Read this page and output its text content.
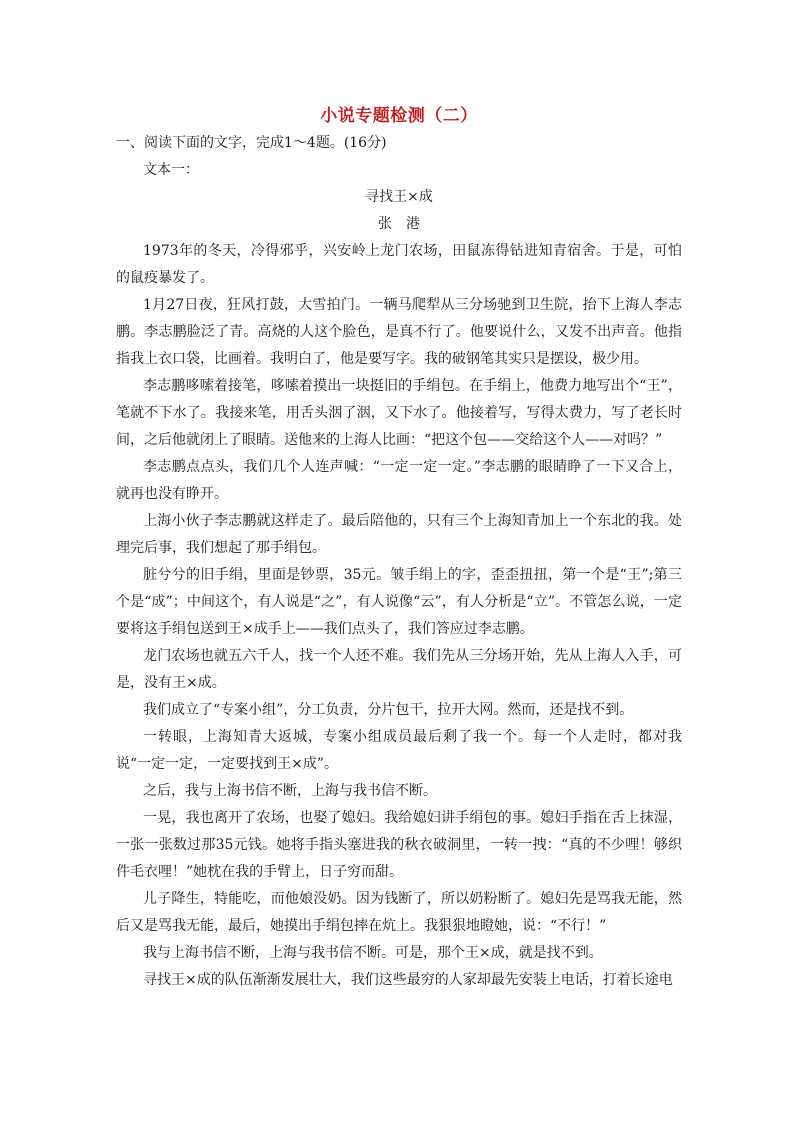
小说专题检测（二）
一、阅读下面的文字，完成1～4题。(16分)
文本一：
寻找王×成
张港

1973年的冬天，冷得邪乎，兴安岭上龙门农场，田鼠冻得钻进知青宿舍。于是，可怕的鼠疫暴发了。

1月27日夜，狂风打鼓，大雪拍门。一辆马爬犁从三分场驰到卫生院，抬下上海人李志鹏。李志鹏脸泛了青。高烧的人这个脸色，是真不行了。他要说什么，又发不出声音。他指指我上衣口袋，比画着。我明白了，他是要写字。我的破钢笔其实只是摆设，极少用。

李志鹏哆嗦着接笔，哆嗦着摸出一块挺旧的手绢包。在手绢上，他费力地写出个“王”，笔就不下水了。我接来笔，用舌头洇了洇，又下水了。他接着写，写得太费力，写了老长时间，之后他就闭上了眼睛。送他来的上海人比画：“把这个包——交给这个人——对吗？”

李志鹏点点头，我们几个人连声喊：“一定一定一定。”李志鹏的眼睛睁了一下又合上，就再也没有睁开。

上海小伙子李志鹏就这样走了。最后陪他的，只有三个上海知青加上一个东北的我。处理完后事，我们想起了那手绢包。

脏兮兮的旧手绢，里面是钞票，35元。皱手绢上的字，歪歪扭扭，第一个是“王”;第三个是“成”；中间这个，有人说是“之”，有人说像“云”，有人分析是“立”。不管怎么说，一定要将这手绢包送到王×成手上——我们点头了，我们答应过李志鹏。

龙门农场也就五六千人，找一个人还不难。我们先从三分场开始，先从上海人入手，可是，没有王×成。

我们成立了“专案小组”，分工负责，分片包干，拉开大网。然而，还是找不到。

一转眼，上海知青大返城，专案小组成员最后剩了我一个。每一个人走时，都对我说“一定一定，一定要找到王×成”。

之后，我与上海书信不断，上海与我书信不断。

一晃，我也离开了农场，也娶了媳妇。我给媳妇讲手绢包的事。媳妇手指在舌上抹湿，一张一张数过那35元钱。她将手指头塞进我的秋衣破洞里，一转一拽：“真的不少哩！够织件毛衣哩！”她枕在我的手臂上，日子穷而甜。

儿子降生，特能吃，而他娘没奶。因为钱断了，所以奶粉断了。媳妇先是骂我无能，然后又是骂我无能，最后，她摸出手绢包摔在炕上。我狠狠地瞪她，说：“不行！”

我与上海书信不断，上海与我书信不断。可是，那个王×成，就是找不到。

寻找王×成的队伍渐渐发展壮大，我们这些最穷的人家却最先安装上电话，打着长途电
